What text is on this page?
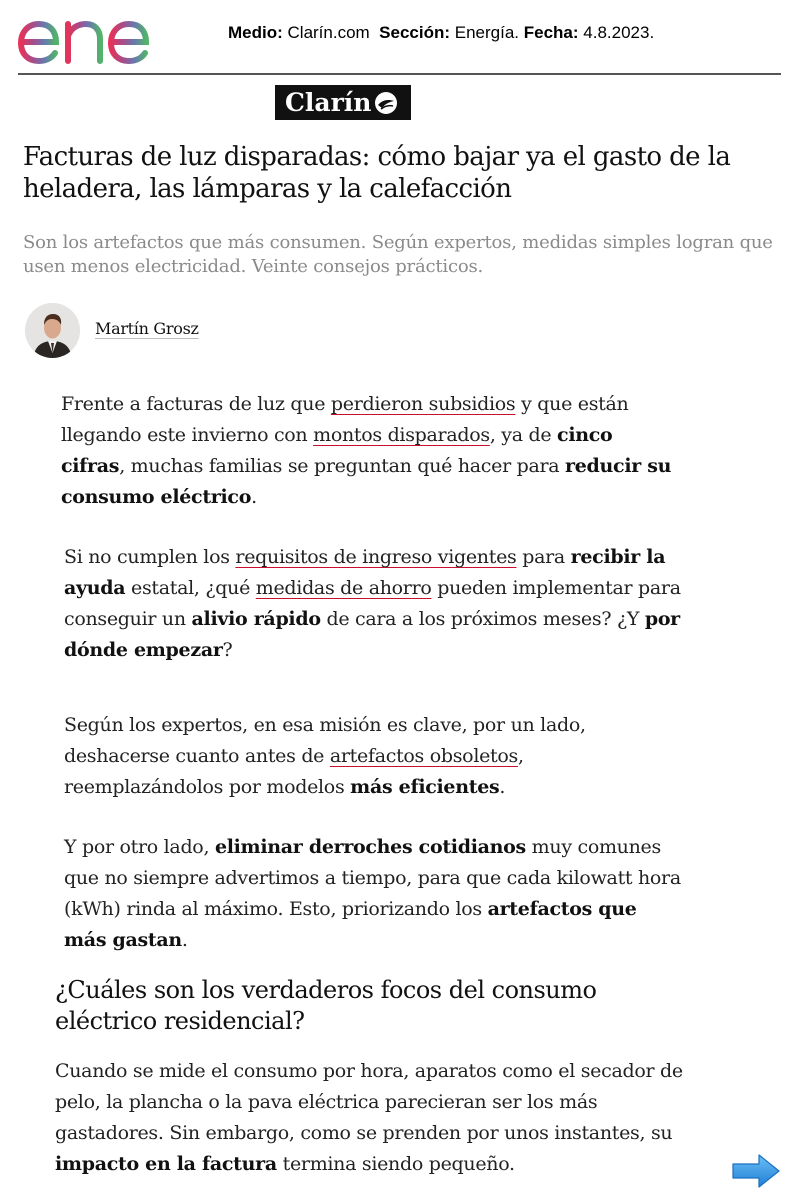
Medio: Clarín.com Sección: Energía. Fecha: 4.8.2023.
Clarín
Facturas de luz disparadas: cómo bajar ya el gasto de la heladera, las lámparas y la calefacción

Son los artefactos que más consumen. Según expertos, medidas simples logran que usen menos electricidad. Veinte consejos prácticos.

Martín Grosz

Frente a facturas de luz que perdieron subsidios y que están llegando este invierno con montos disparados, ya de cinco cifras, muchas familias se preguntan qué hacer para reducir su consumo eléctrico.

Si no cumplen los requisitos de ingreso vigentes para recibir la ayuda estatal, ¿qué medidas de ahorro pueden implementar para conseguir un alivio rápido de cara a los próximos meses? ¿Y por dónde empezar?

Según los expertos, en esa misión es clave, por un lado, deshacerse cuanto antes de artefactos obsoletos, reemplazándolos por modelos más eficientes.

Y por otro lado, eliminar derroches cotidianos muy comunes que no siempre advertimos a tiempo, para que cada kilowatt hora (kWh) rinda al máximo. Esto, priorizando los artefactos que más gastan.

¿Cuáles son los verdaderos focos del consumo eléctrico residencial?

Cuando se mide el consumo por hora, aparatos como el secador de pelo, la plancha o la pava eléctrica parecieran ser los más gastadores. Sin embargo, como se prenden por unos instantes, su impacto en la factura termina siendo pequeño.
